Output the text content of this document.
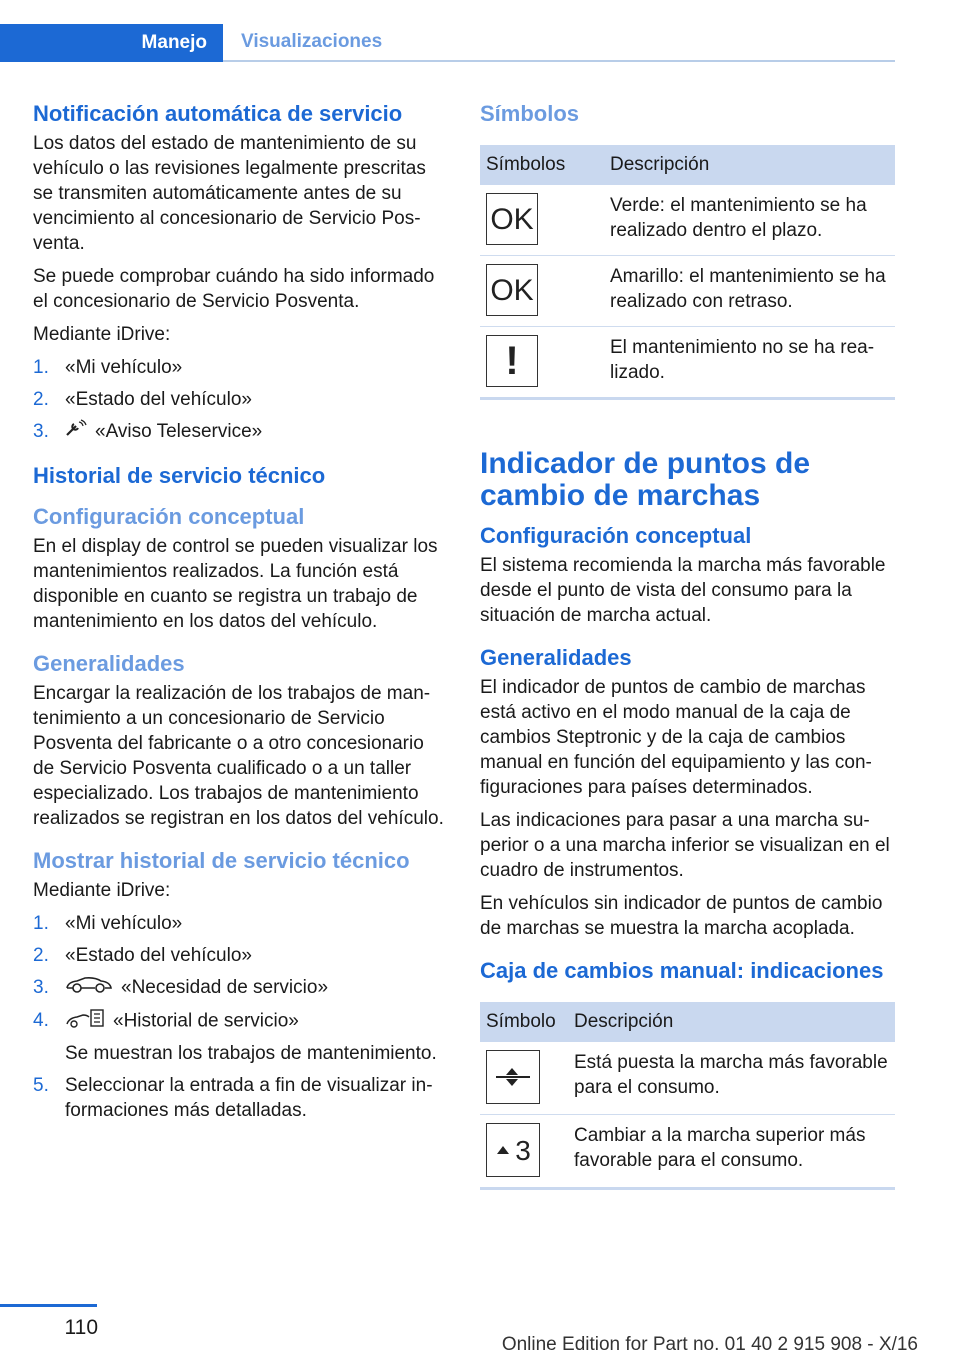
Manejo	Visualizaciones
Notificación automática de servicio

Los datos del estado de mantenimiento de su vehículo o las revisiones legalmente prescritas se transmiten automáticamente antes de su vencimiento al concesionario de Servicio Posventa.

Se puede comprobar cuándo ha sido informado el concesionario de Servicio Posventa.

Mediante iDrive:

1. «Mi vehículo»
2. «Estado del vehículo»
3. «Aviso Teleservice»
Historial de servicio técnico
Configuración conceptual

En el display de control se pueden visualizar los mantenimientos realizados. La función está disponible en cuanto se registra un trabajo de mantenimiento en los datos del vehículo.

Generalidades

Encargar la realización de los trabajos de mantenimiento a un concesionario de Servicio Posventa del fabricante o a otro concesionario de Servicio Posventa cualificado o a un taller especializado. Los trabajos de mantenimiento realizados se registran en los datos del vehículo.

Mostrar historial de servicio técnico

Mediante iDrive:

1. «Mi vehículo»
2. «Estado del vehículo»
3.	«Necesidad de servicio»
4.	«Historial de servicio»
Se muestran los trabajos de mantenimiento.
5. Seleccionar la entrada a fin de visualizar informaciones más detalladas.
Símbolos
Símbolos	Descripción

OK	Verde: el mantenimiento se ha realizado dentro el plazo.

OK	Amarillo: el mantenimiento se ha realizado con retraso.

!	El mantenimiento no se ha realizado.
Indicador de puntos de cambio de marchas
Configuración conceptual

El sistema recomienda la marcha más favorable desde el punto de vista del consumo para la situación de marcha actual.

Generalidades

El indicador de puntos de cambio de marchas está activo en el modo manual de la caja de cambios Steptronic y de la caja de cambios manual en función del equipamiento y las configuraciones para países determinados.

Las indicaciones para pasar a una marcha superior o a una marcha inferior se visualizan en el cuadro de instrumentos.

En vehículos sin indicador de puntos de cambio de marchas se muestra la marcha acoplada.

Caja de cambios manual: indicaciones
Símbolo	Descripción

	Está puesta la marcha más favorable para el consumo.

3	Cambiar a la marcha superior más favorable para el consumo.
110
Online Edition for Part no. 01 40 2 915 908 - X/16
